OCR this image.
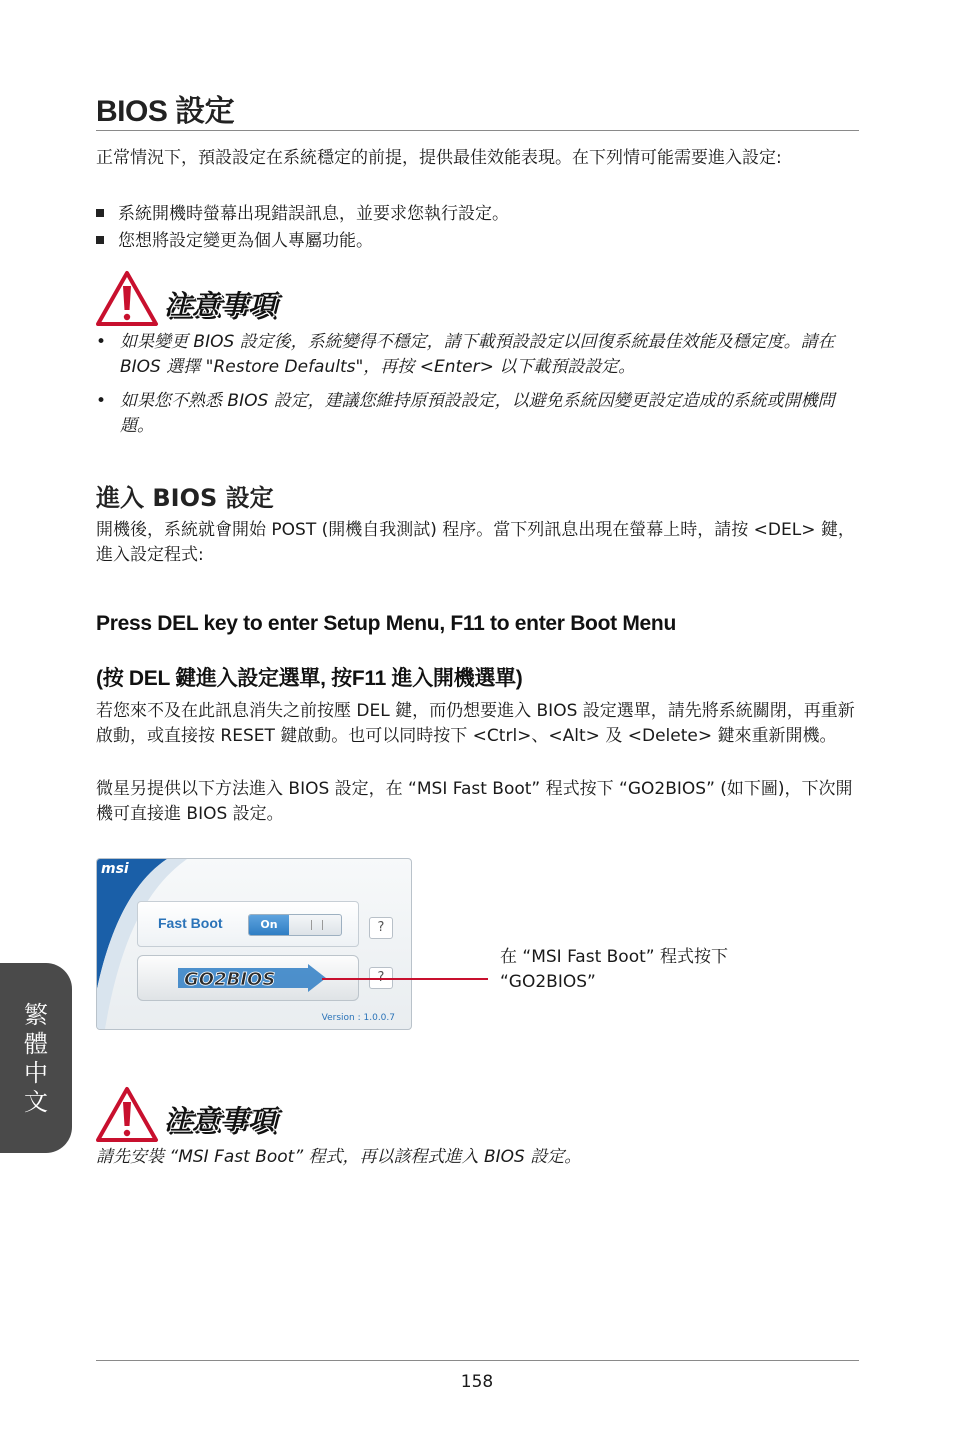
BIOS 設定
正常情況下，預設設定在系統穩定的前提，提供最佳效能表現。在下列情可能需要進入設定:
系統開機時螢幕出現錯誤訊息，並要求您執行設定。
您想將設定變更為個人專屬功能。
注意事項
• 如果變更 BIOS 設定後，系統變得不穩定，請下載預設設定以回復系統最佳效能及穩定度。請在 BIOS 選擇 "Restore Defaults"，再按 <Enter> 以下載預設設定。
• 如果您不熟悉 BIOS 設定，建議您維持原預設設定，以避免系統因變更設定造成的系統或開機問題。
進入 BIOS 設定
開機後，系統就會開始 POST (開機自我測試) 程序。當下列訊息出現在螢幕上時，請按 <DEL> 鍵，進入設定程式:
Press DEL key to enter Setup Menu, F11 to enter Boot Menu
(按 DEL 鍵進入設定選單, 按F11 進入開機選單)
若您來不及在此訊息消失之前按壓 DEL 鍵，而仍想要進入 BIOS 設定選單，請先將系統關閉，再重新啟動，或直接按 RESET 鍵啟動。也可以同時按下 <Ctrl>、<Alt> 及 <Delete> 鍵來重新開機。
微星另提供以下方法進入 BIOS 設定，在 “MSI Fast Boot” 程式按下 “GO2BIOS” (如下圖)，下次開機可直接進 BIOS 設定。
msi
Fast Boot	On	?
GO2BIOS
Version : 1.0.0.7
在 “MSI Fast Boot” 程式按下 “GO2BIOS”
注意事項
請先安裝 “MSI Fast Boot” 程式，再以該程式進入 BIOS 設定。
繁體中文
158
